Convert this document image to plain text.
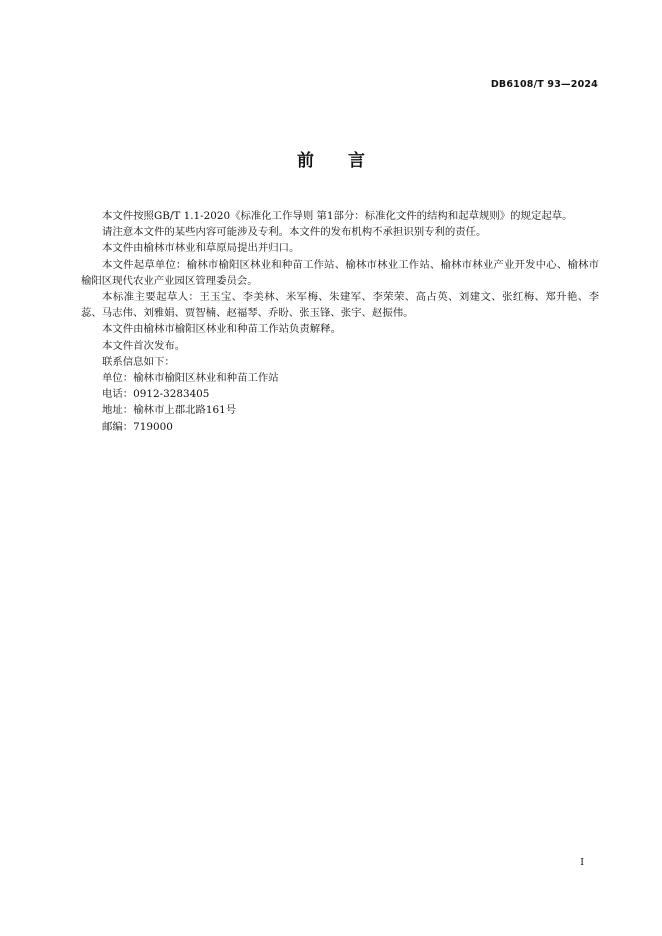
DB6108/T 93—2024
前 言

本文件按照GB/T 1.1-2020《标准化工作导则 第1部分：标准化文件的结构和起草规则》的规定起草。

请注意本文件的某些内容可能涉及专利。本文件的发布机构不承担识别专利的责任。

本文件由榆林市林业和草原局提出并归口。

本文件起草单位：榆林市榆阳区林业和种苗工作站、榆林市林业工作站、榆林市林业产业开发中心、榆林市榆阳区现代农业产业园区管理委员会。

本标准主要起草人：王玉宝、李美林、米军梅、朱建军、李荣荣、高占英、刘建文、张红梅、郑升艳、李蕊、马志伟、刘雅娟、贾智楠、赵福琴、乔盼、张玉锋、张宇、赵振伟。

本文件由榆林市榆阳区林业和种苗工作站负责解释。

本文件首次发布。

联系信息如下：

单位：榆林市榆阳区林业和种苗工作站

电话：0912-3283405

地址：榆林市上郡北路161号

邮编：719000

I
